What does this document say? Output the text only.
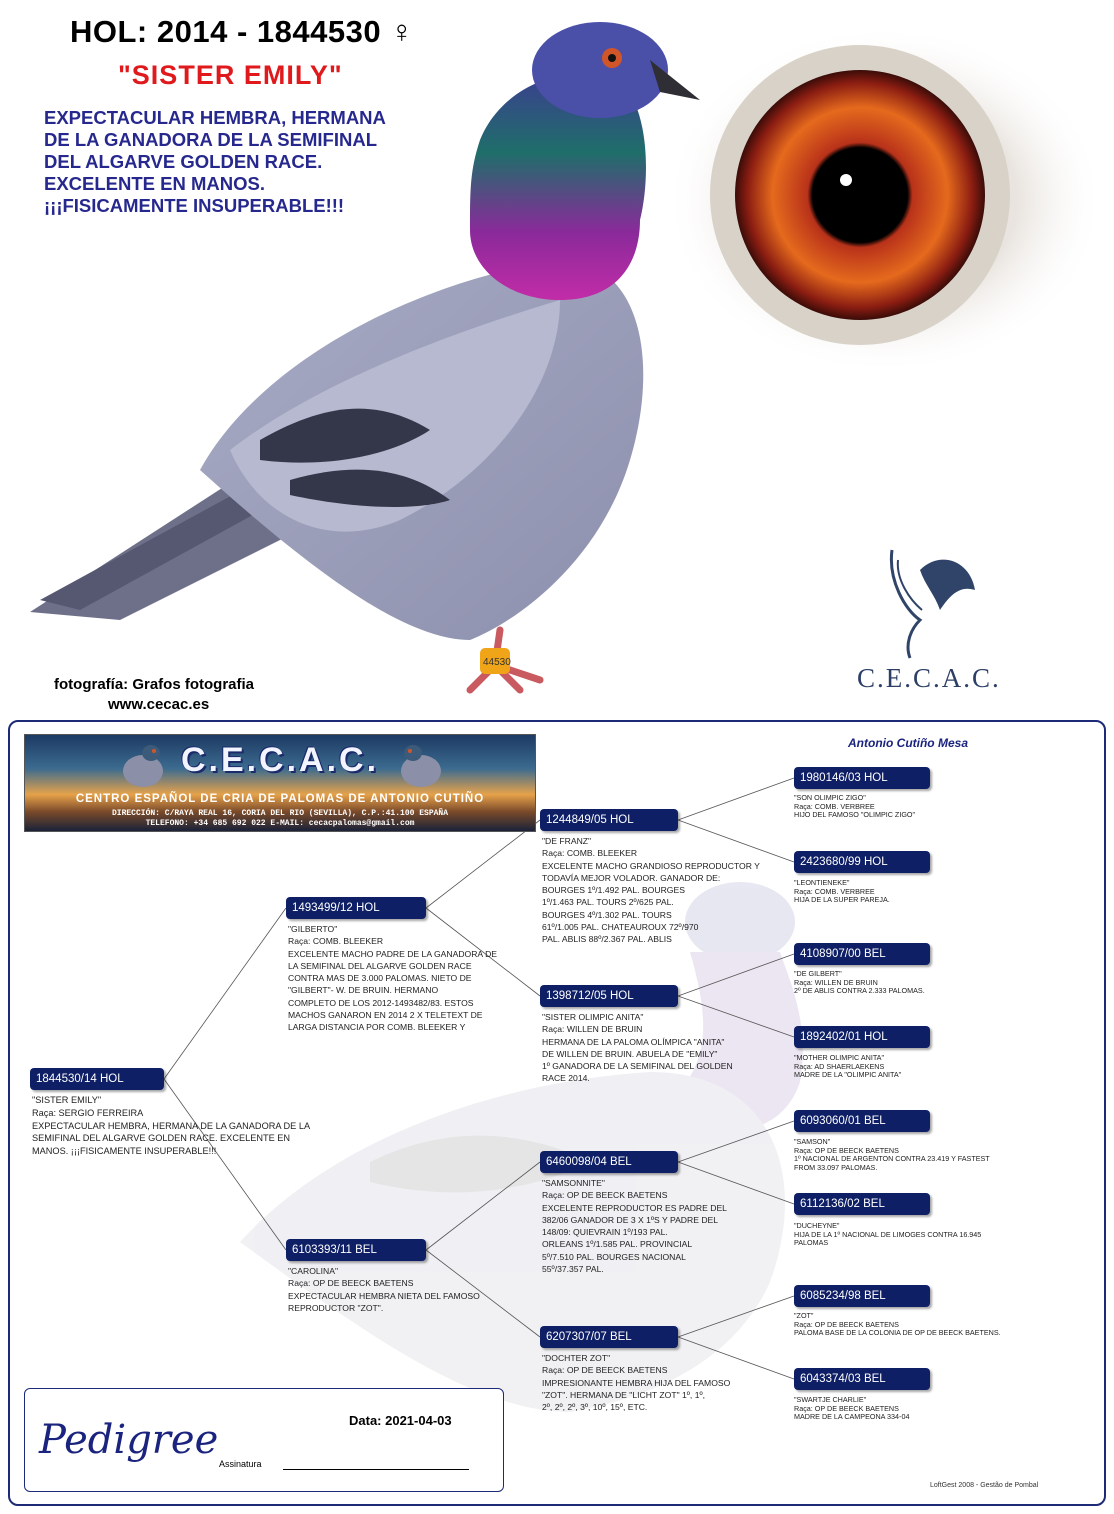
44530
HOL: 2014 - 1844530 ♀
"SISTER EMILY"
EXPECTACULAR HEMBRA, HERMANA
DE LA GANADORA DE LA SEMIFINAL
DEL ALGARVE GOLDEN RACE.
EXCELENTE EN MANOS.
¡¡¡FISICAMENTE INSUPERABLE!!!
fotografía: Grafos fotografia
www.cecac.es
C.E.C.A.C.
C.E.C.A.C.
CENTRO ESPAÑOL DE CRIA DE PALOMAS DE ANTONIO CUTIÑO
DIRECCIÓN: C/RAYA REAL 16, CORIA DEL RIO (SEVILLA), C.P.:41.100 ESPAÑA
TELEFONO: +34 685 692 022 E-MAIL: cecacpalomas@gmail.com
Antonio Cutiño Mesa
1844530/14 HOL
"SISTER EMILY"
Raça: SERGIO FERREIRA
EXPECTACULAR HEMBRA, HERMANA DE LA GANADORA DE LA
SEMIFINAL DEL ALGARVE GOLDEN RACE. EXCELENTE EN
MANOS. ¡¡¡FISICAMENTE INSUPERABLE!!!
1493499/12 HOL
"GILBERTO"
Raça: COMB. BLEEKER
EXCELENTE MACHO PADRE DE LA GANADORA DE
LA SEMIFINAL DEL ALGARVE GOLDEN RACE
CONTRA MAS DE 3.000 PALOMAS. NIETO DE
"GILBERT"- W. DE BRUIN. HERMANO
COMPLETO DE LOS 2012-1493482/83. ESTOS
MACHOS GANARON EN 2014 2 X TELETEXT DE
LARGA DISTANCIA POR COMB. BLEEKER Y
6103393/11 BEL
"CAROLINA"
Raça: OP DE BEECK BAETENS
EXPECTACULAR HEMBRA NIETA DEL FAMOSO
REPRODUCTOR "ZOT".
1244849/05 HOL
"DE FRANZ"
Raça: COMB. BLEEKER
EXCELENTE MACHO GRANDIOSO REPRODUCTOR Y
TODAVÍA MEJOR VOLADOR. GANADOR DE:
BOURGES 1º/1.492 PAL. BOURGES
1º/1.463 PAL. TOURS 2º/625 PAL.
BOURGES 4º/1.302 PAL. TOURS
61º/1.005 PAL. CHATEAUROUX 72º/970
PAL. ABLIS 88º/2.367 PAL. ABLIS
1398712/05 HOL
"SISTER OLIMPIC ANITA"
Raça: WILLEN DE BRUIN
HERMANA DE LA PALOMA OLÍMPICA "ANITA"
DE WILLEN DE BRUIN. ABUELA DE "EMILY"
1º GANADORA DE LA SEMIFINAL DEL GOLDEN
RACE 2014.
6460098/04 BEL
"SAMSONNITE"
Raça: OP DE BEECK BAETENS
EXCELENTE REPRODUCTOR ES PADRE DEL
382/06 GANADOR DE 3 X 1ºS Y PADRE DEL
148/09: QUIEVRAIN 1º/193 PAL.
ORLEANS 1º/1.585 PAL. PROVINCIAL
5º/7.510 PAL. BOURGES NACIONAL
55º/37.357 PAL.
6207307/07 BEL
"DOCHTER ZOT"
Raça: OP DE BEECK BAETENS
IMPRESIONANTE HEMBRA HIJA DEL FAMOSO
"ZOT". HERMANA DE "LICHT ZOT" 1º, 1º,
2º, 2º, 2º, 3º, 10º, 15º, ETC.
1980146/03 HOL
"SON OLIMPIC ZIGO"
Raça: COMB. VERBREE
HIJO DEL FAMOSO "OLIMPIC ZIGO"
2423680/99 HOL
"LEONTIENEKE"
Raça: COMB. VERBREE
HIJA DE LA SUPER PAREJA.
4108907/00 BEL
"DE GILBERT"
Raça: WILLEN DE BRUIN
2º DE ABLIS CONTRA 2.333 PALOMAS.
1892402/01 HOL
"MOTHER OLIMPIC ANITA"
Raça: AD SHAERLAEKENS
MADRE DE LA "OLIMPIC ANITA"
6093060/01 BEL
"SAMSON"
Raça: OP DE BEECK BAETENS
1º NACIONAL DE ARGENTON CONTRA 23.419 Y FASTEST
FROM 33.097 PALOMAS.
6112136/02 BEL
"DUCHEYNE"
HIJA DE LA 1º NACIONAL DE LIMOGES CONTRA 16.945
PALOMAS
6085234/98 BEL
"ZOT"
Raça: OP DE BEECK BAETENS
PALOMA BASE DE LA COLONIA DE OP DE BEECK BAETENS.
6043374/03 BEL
"SWARTJE CHARLIE"
Raça: OP DE BEECK BAETENS
MADRE DE LA CAMPEONA 334-04
Pedigree	Data: 2021-04-03
Assinatura
LoftGest 2008 - Gestão de Pombal
